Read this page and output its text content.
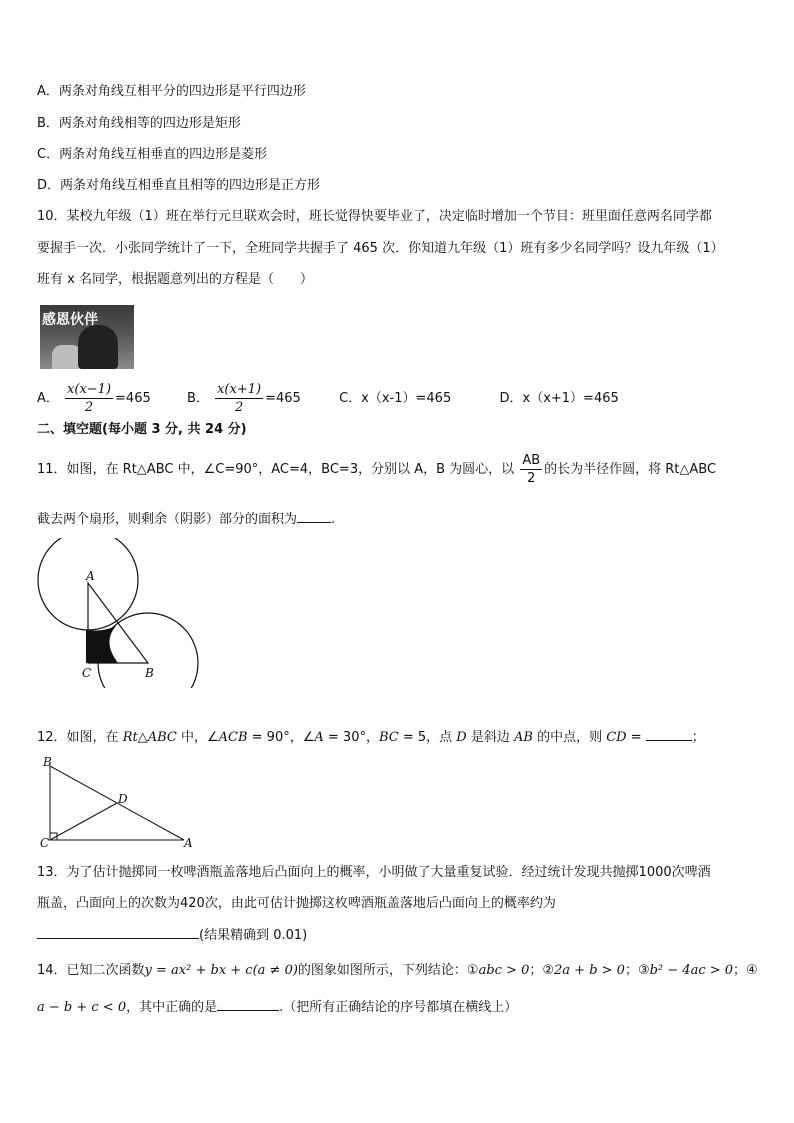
A．两条对角线互相平分的四边形是平行四边形
B．两条对角线相等的四边形是矩形
C．两条对角线互相垂直的四边形是菱形
D．两条对角线互相垂直且相等的四边形是正方形
10．某校九年级（1）班在举行元旦联欢会时，班长觉得快要毕业了，决定临时增加一个节目：班里面任意两名同学都
要握手一次．小张同学统计了一下，全班同学共握手了 465 次．你知道九年级（1）班有多少名同学吗？设九年级（1）
班有 x 名同学，根据题意列出的方程是（　　）
感恩伙伴
A． $\frac{x(x-1)}{2} =465$	B． $\frac{x(x+1)}{2} =465$	C．x（x-1）=465	D．x（x+1）=465
二、填空题(每小题 3 分, 共 24 分)
11．如图，在 Rt△ABC 中，∠C=90°，AC=4，BC=3，分别以 A，B 为圆心，以 $\frac{AB}{2}$ 的长为半径作圆，将 Rt△ABC
截去两个扇形，则剩余（阴影）部分的面积为	.
A
C	B
12．如图，在 Rt△ABC 中，∠ACB = 90°，∠A = 30°，BC = 5，点 D 是斜边 AB 的中点，则 CD =	；
B
C	A
D
13．为了估计抛掷同一枚啤酒瓶盖落地后凸面向上的概率，小明做了大量重复试验．经过统计发现共抛掷1000次啤酒
瓶盖，凸面向上的次数为420次，由此可估计抛掷这枚啤酒瓶盖落地后凸面向上的概率约为
(结果精确到 0.01)
14．已知二次函数y = ax² + bx + c(a ≠ 0)的图象如图所示，下列结论：①abc > 0；②2a + b > 0；③b² − 4ac > 0；④
a − b + c < 0，其中正确的是	.（把所有正确结论的序号都填在横线上）
